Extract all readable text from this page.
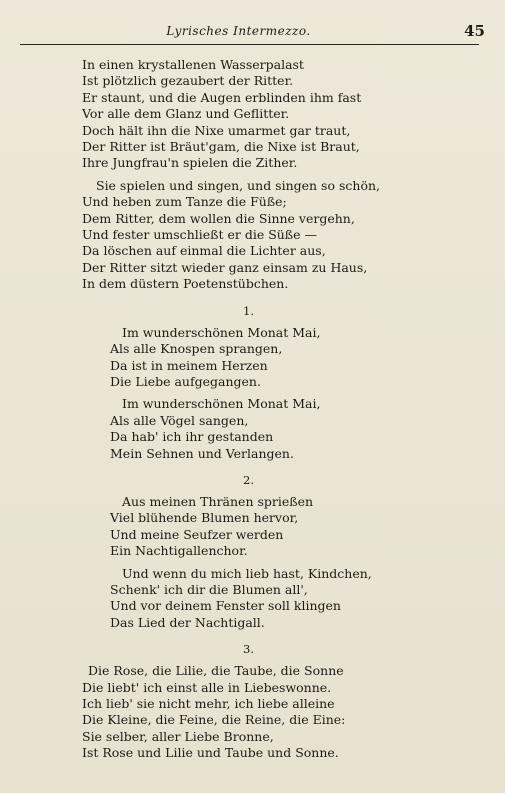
Lyrisches Intermezzo.	45
In einen krystallenen Wasserpalast
Ist plötzlich gezaubert der Ritter.
Er staunt, und die Augen erblinden ihm fast
Vor alle dem Glanz und Geflitter.
Doch hält ihn die Nixe umarmet gar traut,
Der Ritter ist Bräut'gam, die Nixe ist Braut,
Ihre Jungfrau'n spielen die Zither.
Sie spielen und singen, und singen so schön,
Und heben zum Tanze die Füße;
Dem Ritter, dem wollen die Sinne vergehn,
Und fester umschließt er die Süße —
Da löschen auf einmal die Lichter aus,
Der Ritter sitzt wieder ganz einsam zu Haus,
In dem düstern Poetenstübchen.
1.
Im wunderschönen Monat Mai,
Als alle Knospen sprangen,
Da ist in meinem Herzen
Die Liebe aufgegangen.
Im wunderschönen Monat Mai,
Als alle Vögel sangen,
Da hab' ich ihr gestanden
Mein Sehnen und Verlangen.
2.
Aus meinen Thränen sprießen
Viel blühende Blumen hervor,
Und meine Seufzer werden
Ein Nachtigallenchor.
Und wenn du mich lieb hast, Kindchen,
Schenk' ich dir die Blumen all',
Und vor deinem Fenster soll klingen
Das Lied der Nachtigall.
3.
Die Rose, die Lilie, die Taube, die Sonne
Die liebt' ich einst alle in Liebeswonne.
Ich lieb' sie nicht mehr, ich liebe alleine
Die Kleine, die Feine, die Reine, die Eine:
Sie selber, aller Liebe Bronne,
Ist Rose und Lilie und Taube und Sonne.
